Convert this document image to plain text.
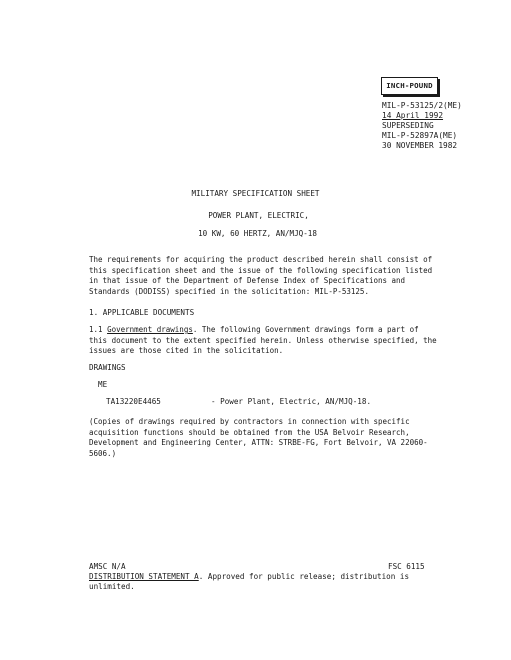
INCH-POUND
MIL-P-53125/2(ME)
14 April 1992
SUPERSEDING
MIL-P-52897A(ME)
30 NOVEMBER 1982
MILITARY SPECIFICATION SHEET
POWER PLANT, ELECTRIC,
10 KW, 60 HERTZ, AN/MJQ-18
The requirements for acquiring the product described herein shall consist of
this specification sheet and the issue of the following specification listed
in that issue of the Department of Defense Index of Specifications and
Standards (DODISS) specified in the solicitation: MIL-P-53125.
1. APPLICABLE DOCUMENTS
1.1 Government drawings. The following Government drawings form a part of
this document to the extent specified herein. Unless otherwise specified, the
issues are those cited in the solicitation.
DRAWINGS
ME
TA13220E4465	- Power Plant, Electric, AN/MJQ-18.
(Copies of drawings required by contractors in connection with specific
acquisition functions should be obtained from the USA Belvoir Research,
Development and Engineering Center, ATTN: STRBE-FG, Fort Belvoir, VA 22060-
5606.)
AMSC N/A	FSC 6115
DISTRIBUTION STATEMENT A. Approved for public release; distribution is
unlimited.
